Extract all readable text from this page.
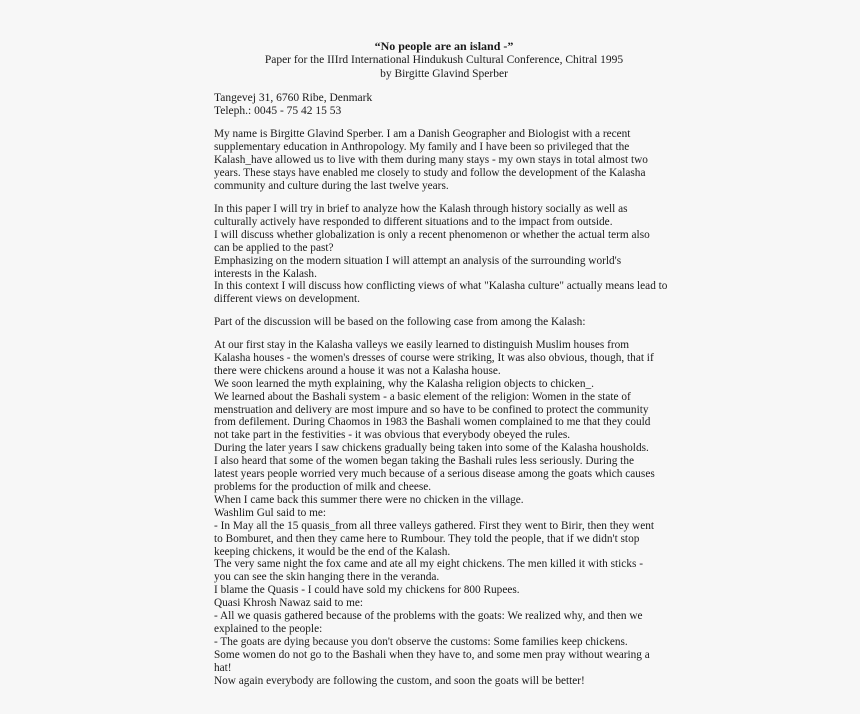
“No people are an island -”
Paper for the IIIrd International Hindukush Cultural Conference, Chitral 1995
by Birgitte Glavind Sperber
Tangevej 31, 6760 Ribe, Denmark
Teleph.: 0045 - 75 42 15 53
My name is Birgitte Glavind Sperber. I am a Danish Geographer and Biologist with a recent
supplementary education in Anthropology. My family and I have been so privileged that the
Kalash_have allowed us to live with them during many stays - my own stays in total almost two
years. These stays have enabled me closely to study and follow the development of the Kalasha
community and culture during the last twelve years.
In this paper I will try in brief to analyze how the Kalash through history socially as well as
culturally actively have responded to different situations and to the impact from outside.
I will discuss whether globalization is only a recent phenomenon or whether the actual term also
can be applied to the past?
Emphasizing on the modern situation I will attempt an analysis of the surrounding world's
interests in the Kalash.
In this context I will discuss how conflicting views of what "Kalasha culture" actually means lead to
different views on development.
Part of the discussion will be based on the following case from among the Kalash:
At our first stay in the Kalasha valleys we easily learned to distinguish Muslim houses from
Kalasha houses - the women's dresses of course were striking, It was also obvious, though, that if
there were chickens around a house it was not a Kalasha house.
We soon learned the myth explaining, why the Kalasha religion objects to chicken_.
We learned about the Bashali system - a basic element of the religion: Women in the state of
menstruation and delivery are most impure and so have to be confined to protect the community
from defilement. During Chaomos in 1983 the Bashali women complained to me that they could
not take part in the festivities - it was obvious that everybody obeyed the rules.
During the later years I saw chickens gradually being taken into some of the Kalasha housholds.
I also heard that some of the women began taking the Bashali rules less seriously. During the
latest years people worried very much because of a serious disease among the goats which causes
problems for the production of milk and cheese.
When I came back this summer there were no chicken in the village.
Washlim Gul said to me:
- In May all the 15 quasis_from all three valleys gathered. First they went to Birir, then they went
to Bomburet, and then they came here to Rumbour. They told the people, that if we didn't stop
keeping chickens, it would be the end of the Kalash.
The very same night the fox came and ate all my eight chickens. The men killed it with sticks -
you can see the skin hanging there in the veranda.
I blame the Quasis - I could have sold my chickens for 800 Rupees.
Quasi Khrosh Nawaz said to me:
- All we quasis gathered because of the problems with the goats: We realized why, and then we
explained to the people:
- The goats are dying because you don't observe the customs: Some families keep chickens.
Some women do not go to the Bashali when they have to, and some men pray without wearing a
hat!
Now again everybody are following the custom, and soon the goats will be better!
